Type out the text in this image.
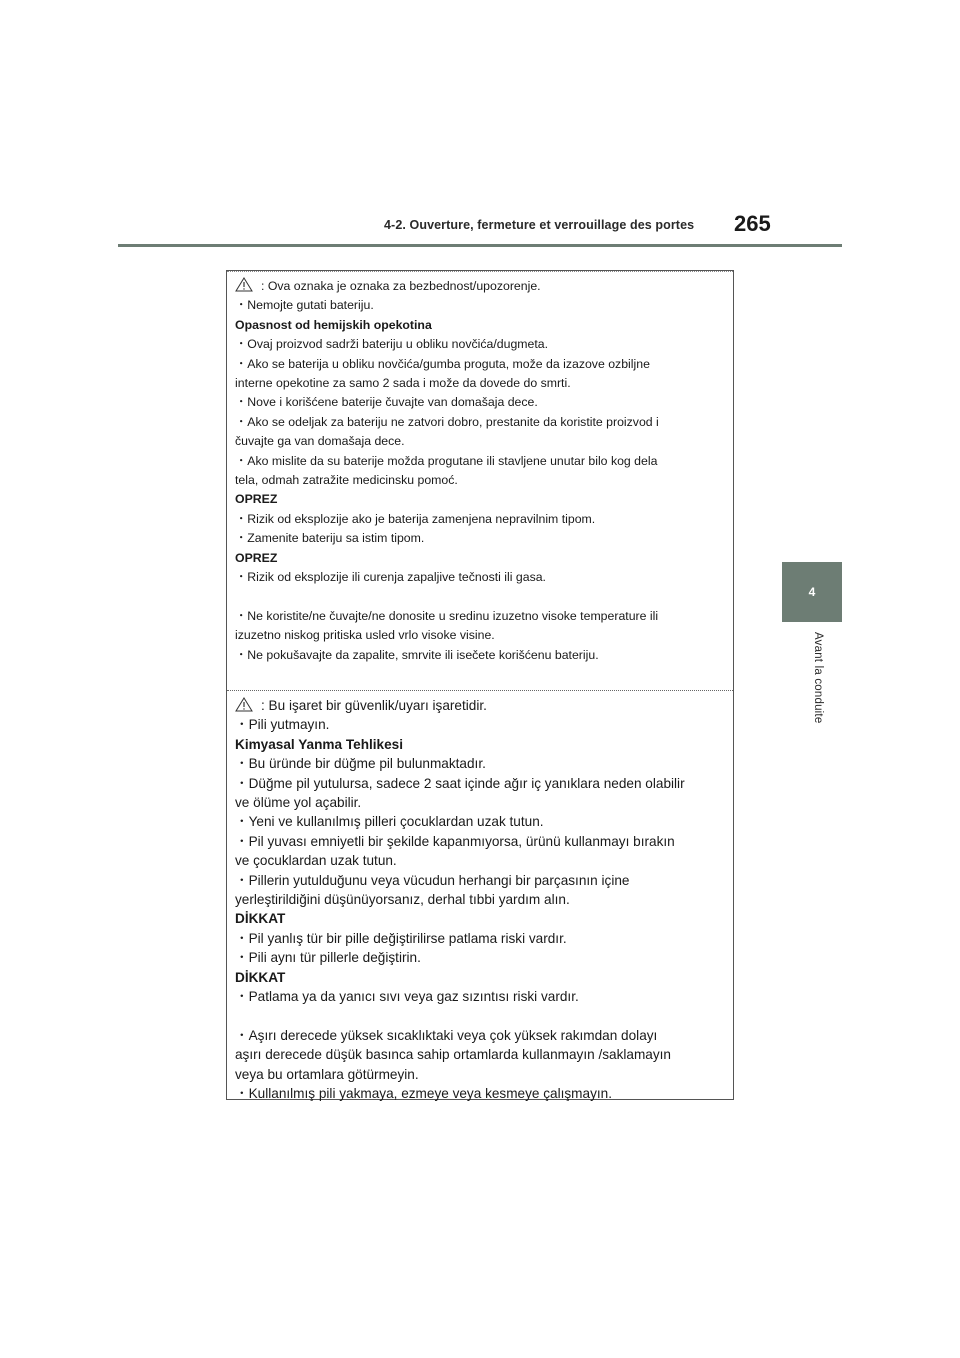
4-2. Ouverture, fermeture et verrouillage des portes 265
4
Avant la conduite
: Ova oznaka je oznaka za bezbednost/upozorenje.
・Nemojte gutati bateriju.
Opasnost od hemijskih opekotina
・Ovaj proizvod sadrži bateriju u obliku novčića/dugmeta.
・Ako se baterija u obliku novčića/gumba proguta, može da izazove ozbiljne
interne opekotine za samo 2 sada i može da dovede do smrti.
・Nove i korišćene baterije čuvajte van domašaja dece.
・Ako se odeljak za bateriju ne zatvori dobro, prestanite da koristite proizvod i
čuvajte ga van domašaja dece.
・Ako mislite da su baterije možda progutane ili stavljene unutar bilo kog dela
tela, odmah zatražite medicinsku pomoć.
OPREZ
・Rizik od eksplozije ako je baterija zamenjena nepravilnim tipom.
・Zamenite bateriju sa istim tipom.
OPREZ
・Rizik od eksplozije ili curenja zapaljive tečnosti ili gasa.
・Ne koristite/ne čuvajte/ne donosite u sredinu izuzetno visoke temperature ili
izuzetno niskog pritiska usled vrlo visoke visine.
・Ne pokušavajte da zapalite, smrvite ili isečete korišćenu bateriju.
: Bu işaret bir güvenlik/uyarı işaretidir.
・Pili yutmayın.
Kimyasal Yanma Tehlikesi
・Bu üründe bir düğme pil bulunmaktadır.
・Düğme pil yutulursa, sadece 2 saat içinde ağır iç yanıklara neden olabilir
ve ölüme yol açabilir.
・Yeni ve kullanılmış pilleri çocuklardan uzak tutun.
・Pil yuvası emniyetli bir şekilde kapanmıyorsa, ürünü kullanmayı bırakın
ve çocuklardan uzak tutun.
・Pillerin yutulduğunu veya vücudun herhangi bir parçasının içine
yerleştirildiğini düşünüyorsanız, derhal tıbbi yardım alın.
DİKKAT
・Pil yanlış tür bir pille değiştirilirse patlama riski vardır.
・Pili aynı tür pillerle değiştirin.
DİKKAT
・Patlama ya da yanıcı sıvı veya gaz sızıntısı riski vardır.
・Aşırı derecede yüksek sıcaklıktaki veya çok yüksek rakımdan dolayı
aşırı derecede düşük basınca sahip ortamlarda kullanmayın /saklamayın
veya bu ortamlara götürmeyin.
・Kullanılmış pili yakmaya, ezmeye veya kesmeye çalışmayın.
